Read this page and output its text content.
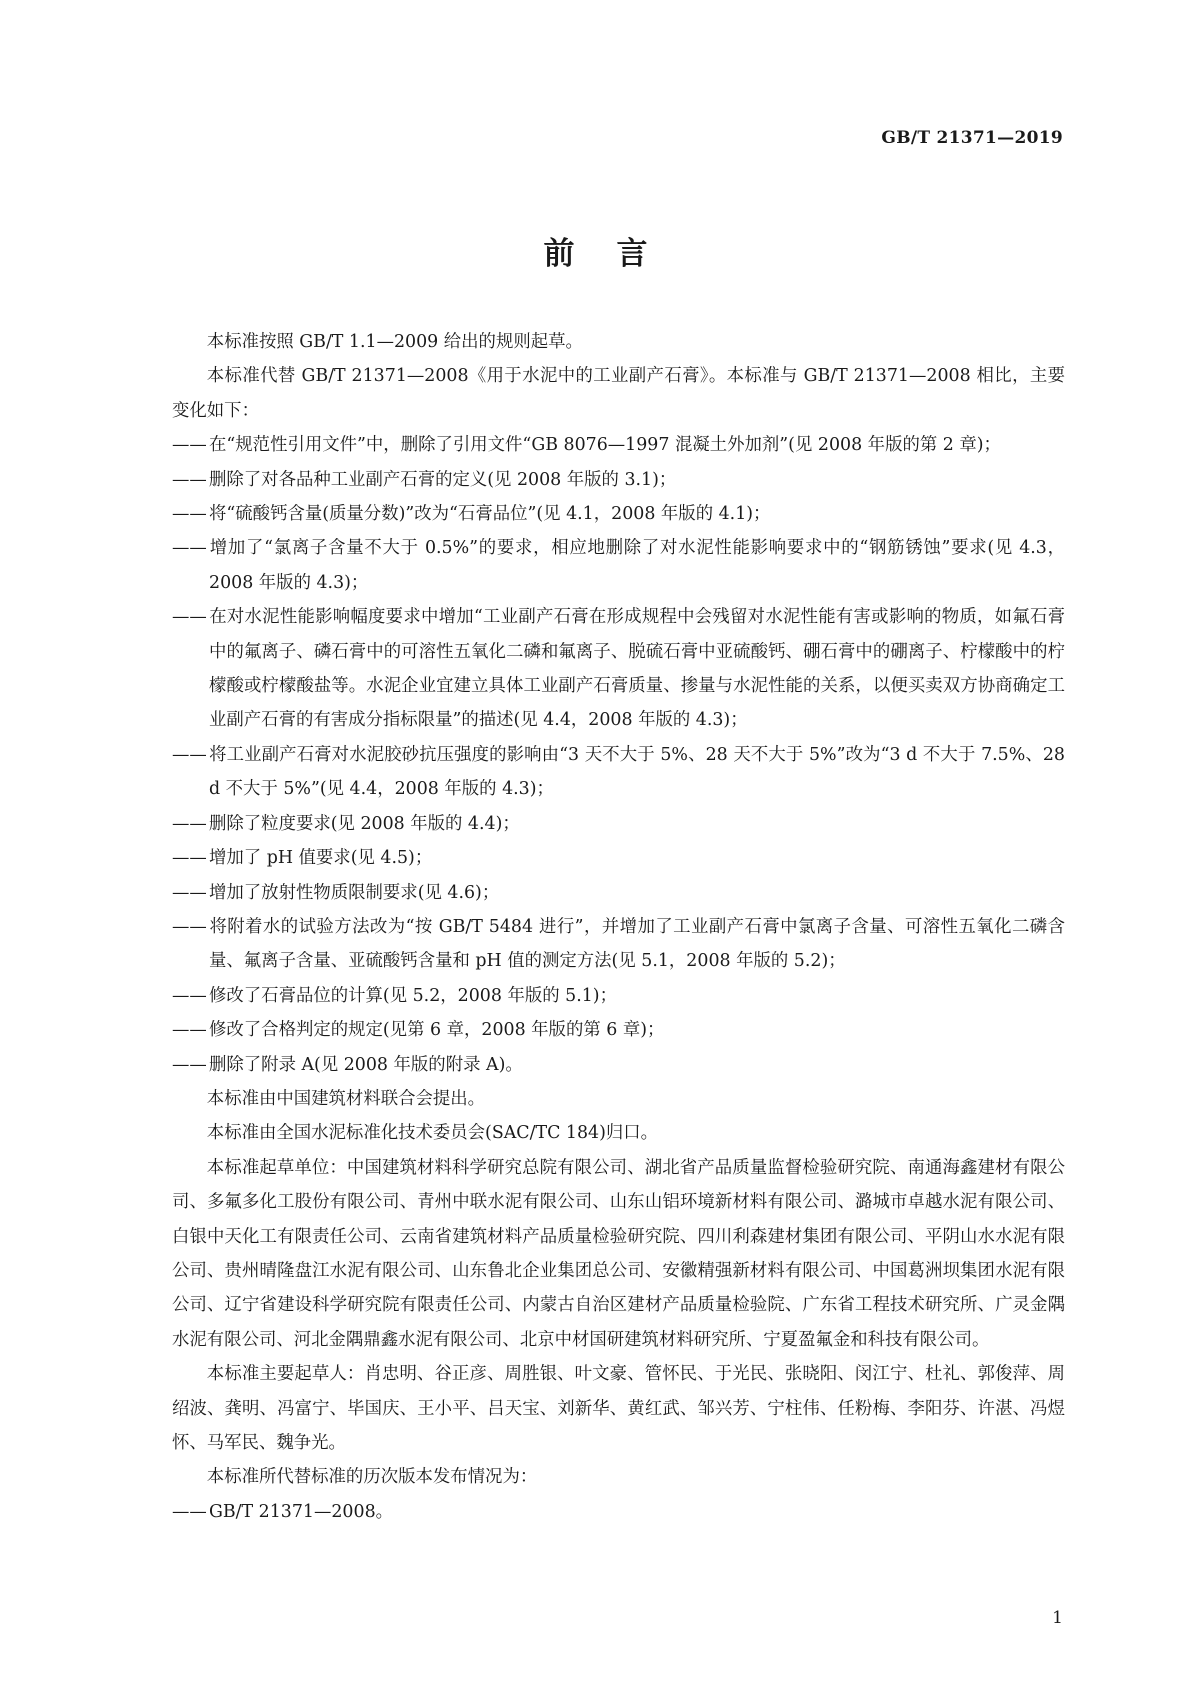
GB/T 21371—2019
前言

本标准按照 GB/T 1.1—2009 给出的规则起草。

本标准代替 GB/T 21371—2008《用于水泥中的工业副产石膏》。本标准与 GB/T 21371—2008 相比，主要变化如下：

—— 在“规范性引用文件”中，删除了引用文件“GB 8076—1997 混凝土外加剂”(见 2008 年版的第 2 章)；

—— 删除了对各品种工业副产石膏的定义(见 2008 年版的 3.1)；

—— 将“硫酸钙含量(质量分数)”改为“石膏品位”(见 4.1，2008 年版的 4.1)；

—— 增加了“氯离子含量不大于 0.5%”的要求，相应地删除了对水泥性能影响要求中的“钢筋锈蚀”要求(见 4.3，2008 年版的 4.3)；

—— 在对水泥性能影响幅度要求中增加“工业副产石膏在形成规程中会残留对水泥性能有害或影响的物质，如氟石膏中的氟离子、磷石膏中的可溶性五氧化二磷和氟离子、脱硫石膏中亚硫酸钙、硼石膏中的硼离子、柠檬酸中的柠檬酸或柠檬酸盐等。水泥企业宜建立具体工业副产石膏质量、掺量与水泥性能的关系，以便买卖双方协商确定工业副产石膏的有害成分指标限量”的描述(见 4.4，2008 年版的 4.3)；

—— 将工业副产石膏对水泥胶砂抗压强度的影响由“3 天不大于 5%、28 天不大于 5%”改为“3 d 不大于 7.5%、28 d 不大于 5%”(见 4.4，2008 年版的 4.3)；

—— 删除了粒度要求(见 2008 年版的 4.4)；

—— 增加了 pH 值要求(见 4.5)；

—— 增加了放射性物质限制要求(见 4.6)；

—— 将附着水的试验方法改为“按 GB/T 5484 进行”，并增加了工业副产石膏中氯离子含量、可溶性五氧化二磷含量、氟离子含量、亚硫酸钙含量和 pH 值的测定方法(见 5.1，2008 年版的 5.2)；

—— 修改了石膏品位的计算(见 5.2，2008 年版的 5.1)；

—— 修改了合格判定的规定(见第 6 章，2008 年版的第 6 章)；

—— 删除了附录 A(见 2008 年版的附录 A)。

本标准由中国建筑材料联合会提出。

本标准由全国水泥标准化技术委员会(SAC/TC 184)归口。

本标准起草单位：中国建筑材料科学研究总院有限公司、湖北省产品质量监督检验研究院、南通海鑫建材有限公司、多氟多化工股份有限公司、青州中联水泥有限公司、山东山铝环境新材料有限公司、潞城市卓越水泥有限公司、白银中天化工有限责任公司、云南省建筑材料产品质量检验研究院、四川利森建材集团有限公司、平阴山水水泥有限公司、贵州晴隆盘江水泥有限公司、山东鲁北企业集团总公司、安徽精强新材料有限公司、中国葛洲坝集团水泥有限公司、辽宁省建设科学研究院有限责任公司、内蒙古自治区建材产品质量检验院、广东省工程技术研究所、广灵金隅水泥有限公司、河北金隅鼎鑫水泥有限公司、北京中材国研建筑材料研究所、宁夏盈氟金和科技有限公司。

本标准主要起草人：肖忠明、谷正彦、周胜银、叶文豪、管怀民、于光民、张晓阳、闵江宁、杜礼、郭俊萍、周绍波、龚明、冯富宁、毕国庆、王小平、吕天宝、刘新华、黄红武、邹兴芳、宁柱伟、任粉梅、李阳芬、许湛、冯煜怀、马军民、魏争光。

本标准所代替标准的历次版本发布情况为：

—— GB/T 21371—2008。

1
